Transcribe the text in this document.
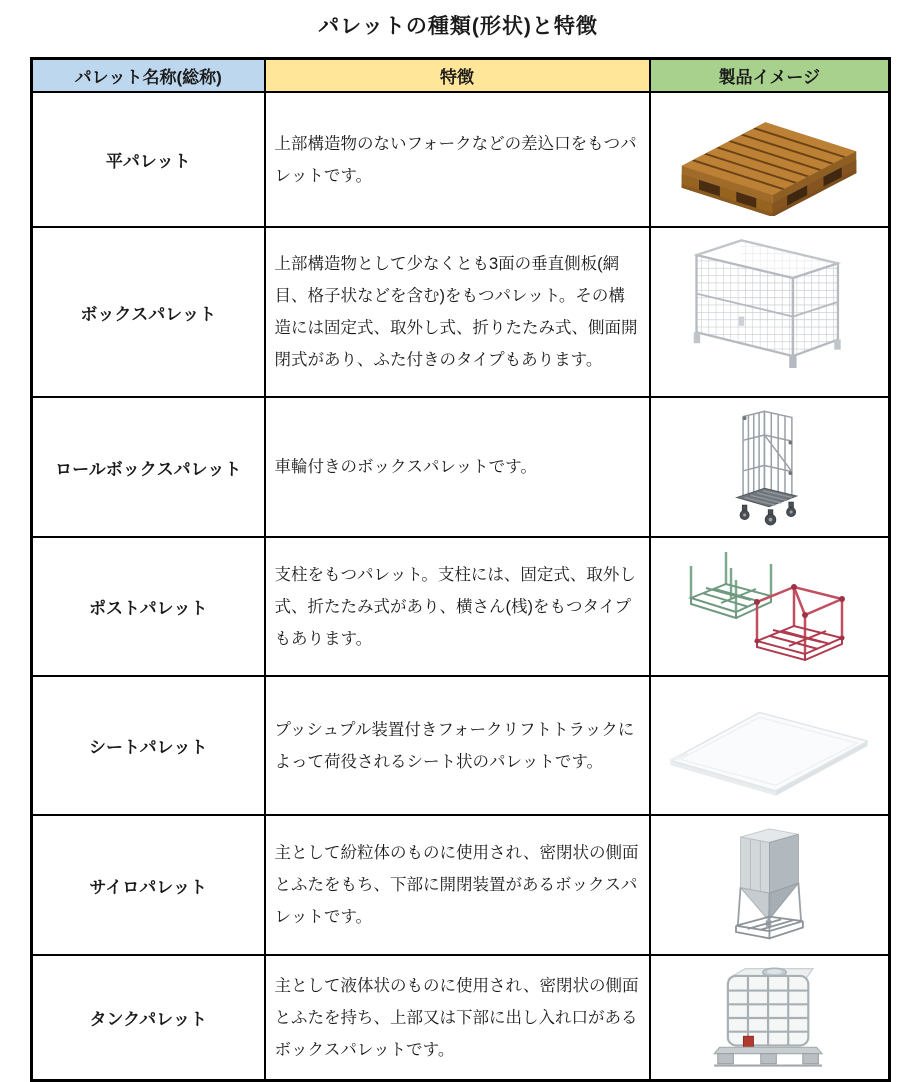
パレットの種類(形状)と特徴
パレット名称(総称)	特徴	製品イメージ
平パレット	上部構造物のないフォークなどの差込口をもつパレットです。	

ボックスパレット	上部構造物として少なくとも3面の垂直側板(網目、格子状などを含む)をもつパレット。その構造には固定式、取外し式、折りたたみ式、側面開閉式があり、ふた付きのタイプもあります。	

ロールボックスパレット	車輪付きのボックスパレットです。	

ポストパレット	支柱をもつパレット。支柱には、固定式、取外し式、折たたみ式があり、横さん(桟)をもつタイプもあります。	

シートパレット	プッシュプル装置付きフォークリフトトラックによって荷役されるシート状のパレットです。	

サイロパレット	主として紛粒体のものに使用され、密閉状の側面とふたをもち、下部に開閉装置があるボックスパレットです。	

タンクパレット	主として液体状のものに使用され、密閉状の側面とふたを持ち、上部又は下部に出し入れ口があるボックスパレットです。	
